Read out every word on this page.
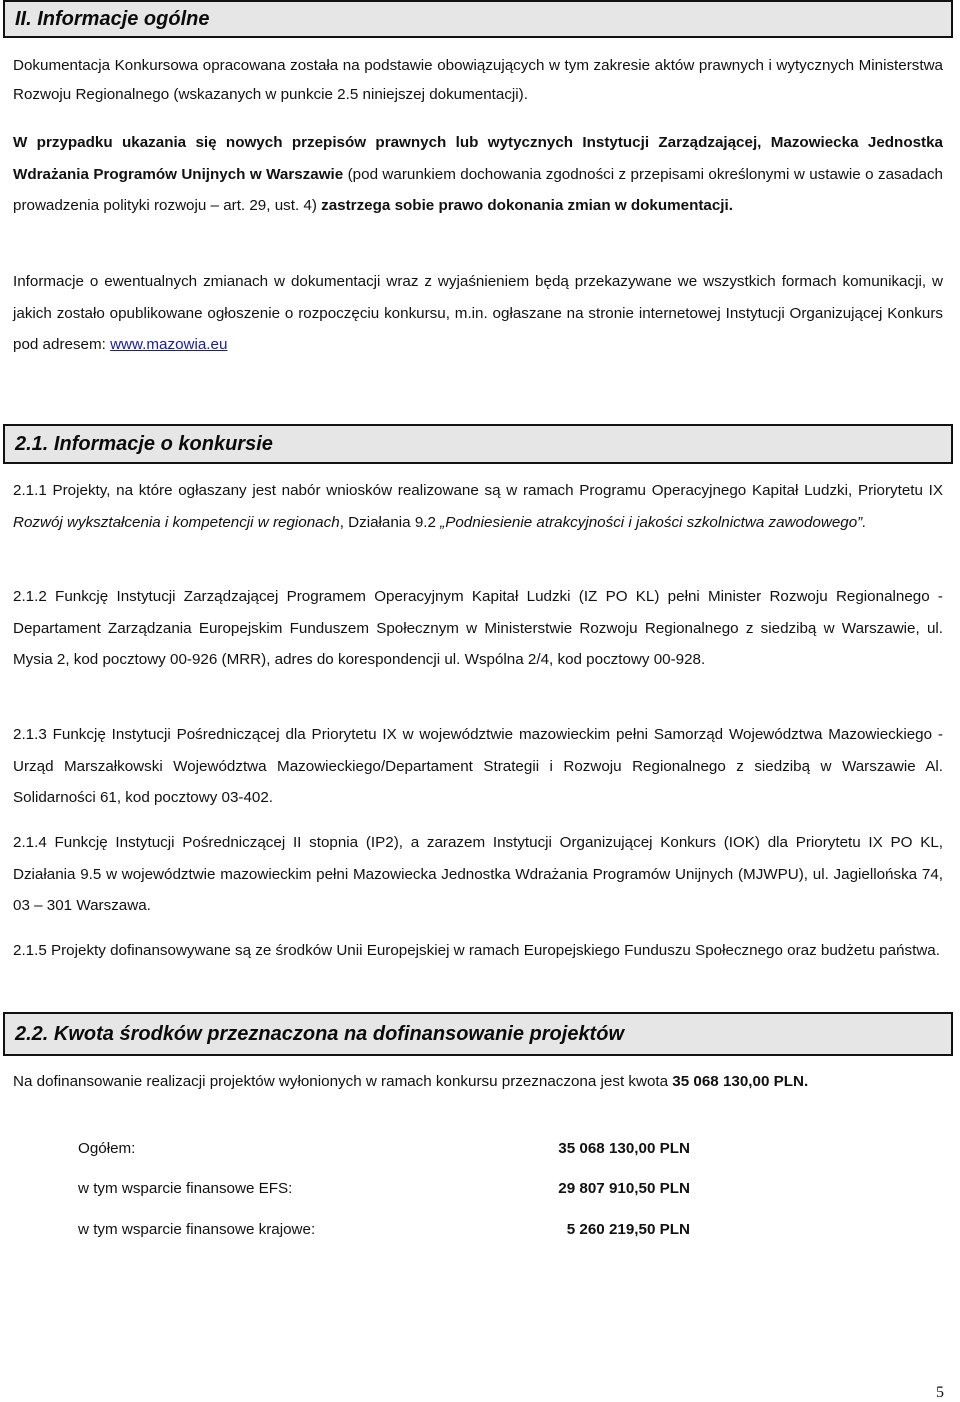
II. Informacje ogólne

Dokumentacja Konkursowa opracowana została na podstawie obowiązujących w tym zakresie aktów prawnych i wytycznych Ministerstwa Rozwoju Regionalnego (wskazanych w punkcie 2.5 niniejszej dokumentacji).

W przypadku ukazania się nowych przepisów prawnych lub wytycznych Instytucji Zarządzającej, Mazowiecka Jednostka Wdrażania Programów Unijnych w Warszawie (pod warunkiem dochowania zgodności z przepisami określonymi w ustawie o zasadach prowadzenia polityki rozwoju – art. 29, ust. 4) zastrzega sobie prawo dokonania zmian w dokumentacji.

Informacje o ewentualnych zmianach w dokumentacji wraz z wyjaśnieniem będą przekazywane we wszystkich formach komunikacji, w jakich zostało opublikowane ogłoszenie o rozpoczęciu konkursu, m.in. ogłaszane na stronie internetowej Instytucji Organizującej Konkurs pod adresem: www.mazowia.eu

2.1. Informacje o konkursie

2.1.1 Projekty, na które ogłaszany jest nabór wniosków realizowane są w ramach Programu Operacyjnego Kapitał Ludzki, Priorytetu IX Rozwój wykształcenia i kompetencji w regionach, Działania 9.2 „Podniesienie atrakcyjności i jakości szkolnictwa zawodowego”.

2.1.2 Funkcję Instytucji Zarządzającej Programem Operacyjnym Kapitał Ludzki (IZ PO KL) pełni Minister Rozwoju Regionalnego - Departament Zarządzania Europejskim Funduszem Społecznym w Ministerstwie Rozwoju Regionalnego z siedzibą w Warszawie, ul. Mysia 2, kod pocztowy 00-926 (MRR), adres do korespondencji ul. Wspólna 2/4, kod pocztowy 00-928.

2.1.3 Funkcję Instytucji Pośredniczącej dla Priorytetu IX w województwie mazowieckim pełni Samorząd Województwa Mazowieckiego - Urząd Marszałkowski Województwa Mazowieckiego/Departament Strategii i Rozwoju Regionalnego z siedzibą w Warszawie Al. Solidarności 61, kod pocztowy 03-402.

2.1.4 Funkcję Instytucji Pośredniczącej II stopnia (IP2), a zarazem Instytucji Organizującej Konkurs (IOK) dla Priorytetu IX PO KL, Działania 9.5 w województwie mazowieckim pełni Mazowiecka Jednostka Wdrażania Programów Unijnych (MJWPU), ul. Jagiellońska 74, 03 – 301 Warszawa.

2.1.5 Projekty dofinansowywane są ze środków Unii Europejskiej w ramach Europejskiego Funduszu Społecznego oraz budżetu państwa.

2.2. Kwota środków przeznaczona na dofinansowanie projektów

Na dofinansowanie realizacji projektów wyłonionych w ramach konkursu przeznaczona jest kwota 35 068 130,00 PLN.

Ogółem:	35 068 130,00 PLN
w tym wsparcie finansowe EFS:	29 807 910,50 PLN
w tym wsparcie finansowe krajowe:	5 260 219,50 PLN
5
